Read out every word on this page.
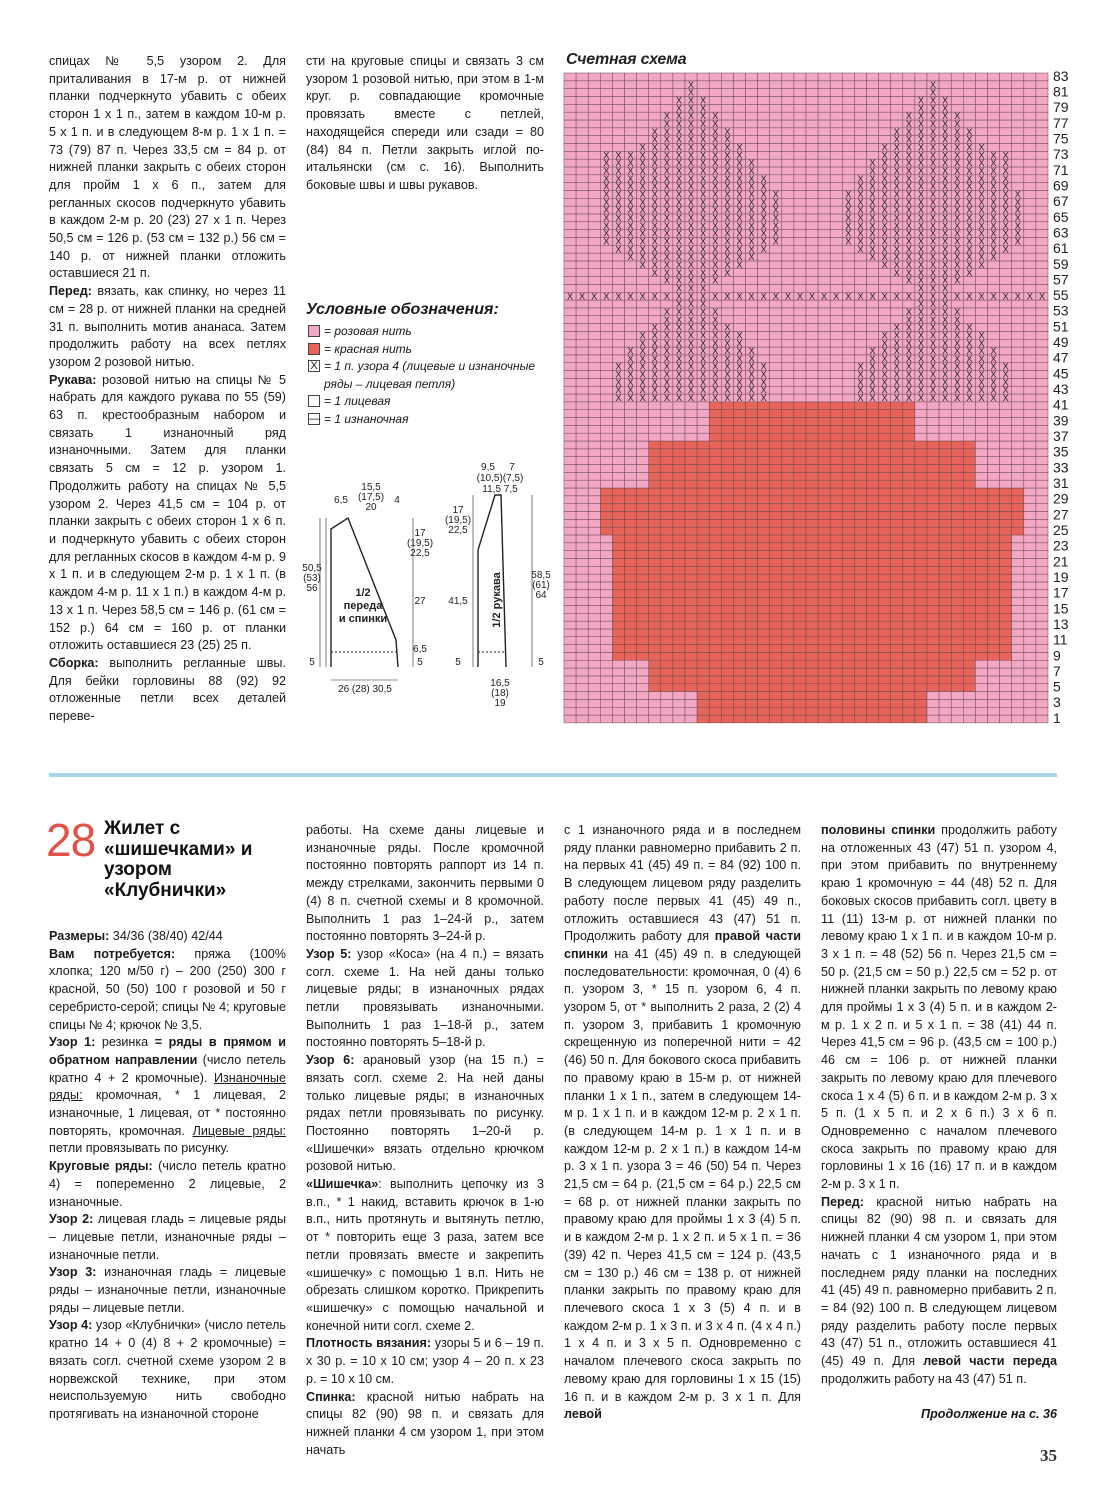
спицах № 5,5 узором 2. Для приталивания в 17-м р. от нижней планки подчеркнуто убавить с обеих сторон 1 х 1 п., затем в каждом 10-м р. 5 х 1 п. и в следующем 8-м р. 1 х 1 п. = 73 (79) 87 п. Через 33,5 см = 84 р. от нижней планки закрыть с обеих сторон для пройм 1 х 6 п., затем для регланных скосов подчеркнуто убавить в каждом 2-м р. 20 (23) 27 х 1 п. Через 50,5 см = 126 р. (53 см = 132 р.) 56 см = 140 р. от нижней планки отложить оставшиеся 21 п.

Перед: вязать, как спинку, но через 11 см = 28 р. от нижней планки на средней 31 п. выполнить мотив ананаса. Затем продолжить работу на всех петлях узором 2 розовой нитью.

Рукава: розовой нитью на спицы № 5 набрать для каждого рукава по 55 (59) 63 п. крестообразным набором и связать 1 изнаночный ряд изнаночными. Затем для планки связать 5 см = 12 р. узором 1. Продолжить работу на спицах № 5,5 узором 2. Через 41,5 см = 104 р. от планки закрыть с обеих сторон 1 х 6 п. и подчеркнуто убавить с обеих сторон для регланных скосов в каждом 4-м р. 9 х 1 п. и в следующем 2-м р. 1 х 1 п. (в каждом 4-м р. 11 х 1 п.) в каждом 4-м р. 13 х 1 п. Через 58,5 см = 146 р. (61 см = 152 р.) 64 см = 160 р. от планки отложить оставшиеся 23 (25) 25 п.

Сборка: выполнить регланные швы. Для бейки горловины 88 (92) 92 отложенные петли всех деталей переве-

сти на круговые спицы и связать 3 см узором 1 розовой нитью, при этом в 1-м круг. р. совпадающие кромочные провязать вместе с петлей, находящейся спереди или сзади = 80 (84) 84 п. Петли закрыть иглой по-итальянски (см с. 16). Выполнить боковые швы и швы рукавов.

Условные обозначения:
= розовая нить
= красная нить
X = 1 п. узора 4 (лицевые и изнаночные ряды – лицевая петля)
= 1 лицевая
— = 1 изнаночная
1/2 переда и спинки
15,5 (17,5) 20
6,5	4
17 (19,5) 22,5
27
50,5 (53) 56
6,5
5
5
26 (28) 30,5
1/2 рукава
9,5 7
(10,5)(7,5)
11,5 7,5
17 (19,5) 22,5
41,5
58,5 (61) 64
5	5
16,5 (18) 19
Счетная схема
X X X X X X X X X X X X X	X X X X X X X X X X X X X
X X X X X X X X X X X X X	X X X X X X X X X X X X X
X X X X X X X X X X X X X	X X X X X X X X X X X X X
X X X X X X X X X X X X X	X X X X X X X X X X X X X
X X X X X X X X X X X X X	X X X X X X X X X X X X X
X X X X X X X X X X X	X X X X X X X X X X X
X X X X X X X X X X X	X X X X X X X X X X X
X X X X X X X X X	X X X X X X X X X
X X X X X X X X X	X X X X X X X X X
X X X X X X X	X X X X X X X
X X X X X	X X X X X
X X X X X	X X X X X
X X X	X X X
X X X X X X X X X X X X X X X X X X X X X X X X X X X X X X X X X X X X X X X X
X X X	X X X
X X X X X	X X X X X
X X X X X X X	X X X X X X X
X X X X X X X X X	X X X X X X X X X
X X X X X X X X X X X	X X X X X X X X X X X
X X X X X X X X X X X X X	X X X X X X X X X X X X X
X X X X X X X X X X X X X X X	X X X X X X X X X X X X X X X
X X X X X X X X X X X X X X X	X X X X X X X X X X X X X X X
X X X X X X X X X X X X X X X	X X X X X X X X X X X X X X X
X X X X X X X X X X X X X X X	X X X X X X X X X X X X X X X
X X X X X X X X X X X X X X X	X X X X X X X X X X X X X X X
X X X X X X X X X X X X X X X	X X X X X X X X X X X X X X X
X X X X X X X X X X X X X X X	X X X X X X X X X X X X X X X
X X X X X X X X X X X X X X	X X X X X X X X X X X X X
X X X X X X X X X X X X X X	X X X X X X X X X X X X X
X X X X X X X X X X X X X	X X X X X X X X X X X X
X X X X X X X X X X X X X	X X X X X X X X X X X X
X X X X X X X X X X X X	X X X X X X X X X X X
X X X X X X X X X	X X X X X X X X X
X X X X X X X	X X X X X X X
X X X X X X X	X X X X X X X
X X X X X	X X X X X
X X X X X	X X X X X
X X X	X X X
X X X	X X X
X	X
X	X
83
81
79
77
75
73
71
69
67
65
63
61
59
57
55
53
51
49
47
45
43
41
39
37
35
33
31
29
27
25
23
21
19
17
15
13
11
9
7
5
3
1
28 Жилет с «шишечками» и узором «Клубнички»

Размеры: 34/36 (38/40) 42/44

Вам потребуется: пряжа (100% хлопка; 120 м/50 г) – 200 (250) 300 г красной, 50 (50) 100 г розовой и 50 г серебристо-серой; спицы № 4; круговые спицы № 4; крючок № 3,5.

Узор 1: резинка = ряды в прямом и обратном направлении (число петель кратно 4 + 2 кромочные). Изнаночные ряды: кромочная, * 1 лицевая, 2 изнаночные, 1 лицевая, от * постоянно повторять, кромочная. Лицевые ряды: петли провязывать по рисунку.

Круговые ряды: (число петель кратно 4) = попеременно 2 лицевые, 2 изнаночные.

Узор 2: лицевая гладь = лицевые ряды – лицевые петли, изнаночные ряды – изнаночные петли.

Узор 3: изнаночная гладь = лицевые ряды – изнаночные петли, изнаночные ряды – лицевые петли.

Узор 4: узор «Клубнички» (число петель кратно 14 + 0 (4) 8 + 2 кромочные) = вязать согл. счетной схеме узором 2 в норвежской технике, при этом неиспользуемую нить свободно протягивать на изнаночной стороне

работы. На схеме даны лицевые и изнаночные ряды. После кромочной постоянно повторять раппорт из 14 п. между стрелками, закончить первыми 0 (4) 8 п. счетной схемы и 8 кромочной. Выполнить 1 раз 1–24-й р., затем постоянно повторять 3–24-й р.

Узор 5: узор «Коса» (на 4 п.) = вязать согл. схеме 1. На ней даны только лицевые ряды; в изнаночных рядах петли провязывать изнаночными. Выполнить 1 раз 1–18-й р., затем постоянно повторять 5–18-й р.

Узор 6: арановый узор (на 15 п.) = вязать согл. схеме 2. На ней даны только лицевые ряды; в изнаночных рядах петли провязывать по рисунку. Постоянно повторять 1–20-й р. «Шишечки» вязать отдельно крючком розовой нитью.

«Шишечка»: выполнить цепочку из 3 в.п., * 1 накид, вставить крючок в 1-ю в.п., нить протянуть и вытянуть петлю, от * повторить еще 3 раза, затем все петли провязать вместе и закрепить «шишечку» с помощью 1 в.п. Нить не обрезать слишком коротко. Прикрепить «шишечку» с помощью начальной и конечной нити согл. схеме 2.

Плотность вязания: узоры 5 и 6 – 19 п. х 30 р. = 10 х 10 см; узор 4 – 20 п. х 23 р. = 10 х 10 см.

Спинка: красной нитью набрать на спицы 82 (90) 98 п. и связать для нижней планки 4 см узором 1, при этом начать

с 1 изнаночного ряда и в последнем ряду планки равномерно прибавить 2 п. на первых 41 (45) 49 п. = 84 (92) 100 п. В следующем лицевом ряду разделить работу после первых 41 (45) 49 п., отложить оставшиеся 43 (47) 51 п. Продолжить работу для правой части спинки на 41 (45) 49 п. в следующей последовательности: кромочная, 0 (4) 6 п. узором 3, * 15 п. узором 6, 4 п. узором 5, от * выполнить 2 раза, 2 (2) 4 п. узором 3, прибавить 1 кромочную скрещенную из поперечной нити = 42 (46) 50 п. Для бокового скоса прибавить по правому краю в 15-м р. от нижней планки 1 х 1 п., затем в следующем 14-м р. 1 х 1 п. и в каждом 12-м р. 2 х 1 п. (в следующем 14-м р. 1 х 1 п. и в каждом 12-м р. 2 х 1 п.) в каждом 14-м р. 3 х 1 п. узора 3 = 46 (50) 54 п. Через 21,5 см = 64 р. (21,5 см = 64 р.) 22,5 см = 68 р. от нижней планки закрыть по правому краю для проймы 1 х 3 (4) 5 п. и в каждом 2-м р. 1 х 2 п. и 5 х 1 п. = 36 (39) 42 п. Через 41,5 см = 124 р. (43,5 см = 130 р.) 46 см = 138 р. от нижней планки закрыть по правому краю для плечевого скоса 1 х 3 (5) 4 п. и в каждом 2-м р. 1 х 3 п. и 3 х 4 п. (4 х 4 п.) 1 х 4 п. и 3 х 5 п. Одновременно с началом плечевого скоса закрыть по левому краю для горловины 1 х 15 (15) 16 п. и в каждом 2-м р. 3 х 1 п. Для левой

половины спинки продолжить работу на отложенных 43 (47) 51 п. узором 4, при этом прибавить по внутреннему краю 1 кромочную = 44 (48) 52 п. Для боковых скосов прибавить согл. цвету в 11 (11) 13-м р. от нижней планки по левому краю 1 х 1 п. и в каждом 10-м р. 3 х 1 п. = 48 (52) 56 п. Через 21,5 см = 50 р. (21,5 см = 50 р.) 22,5 см = 52 р. от нижней планки закрыть по левому краю для проймы 1 х 3 (4) 5 п. и в каждом 2-м р. 1 х 2 п. и 5 х 1 п. = 38 (41) 44 п. Через 41,5 см = 96 р. (43,5 см = 100 р.) 46 см = 106 р. от нижней планки закрыть по левому краю для плечевого скоса 1 х 4 (5) 6 п. и в каждом 2-м р. 3 х 5 п. (1 х 5 п. и 2 х 6 п.) 3 х 6 п. Одновременно с началом плечевого скоса закрыть по правому краю для горловины 1 х 16 (16) 17 п. и в каждом 2-м р. 3 х 1 п.

Перед: красной нитью набрать на спицы 82 (90) 98 п. и связать для нижней планки 4 см узором 1, при этом начать с 1 изнаночного ряда и в последнем ряду планки на последних 41 (45) 49 п. равномерно прибавить 2 п. = 84 (92) 100 п. В следующем лицевом ряду разделить работу после первых 43 (47) 51 п., отложить оставшиеся 41 (45) 49 п. Для левой части переда продолжить работу на 43 (47) 51 п.

Продолжение на с. 36
35
